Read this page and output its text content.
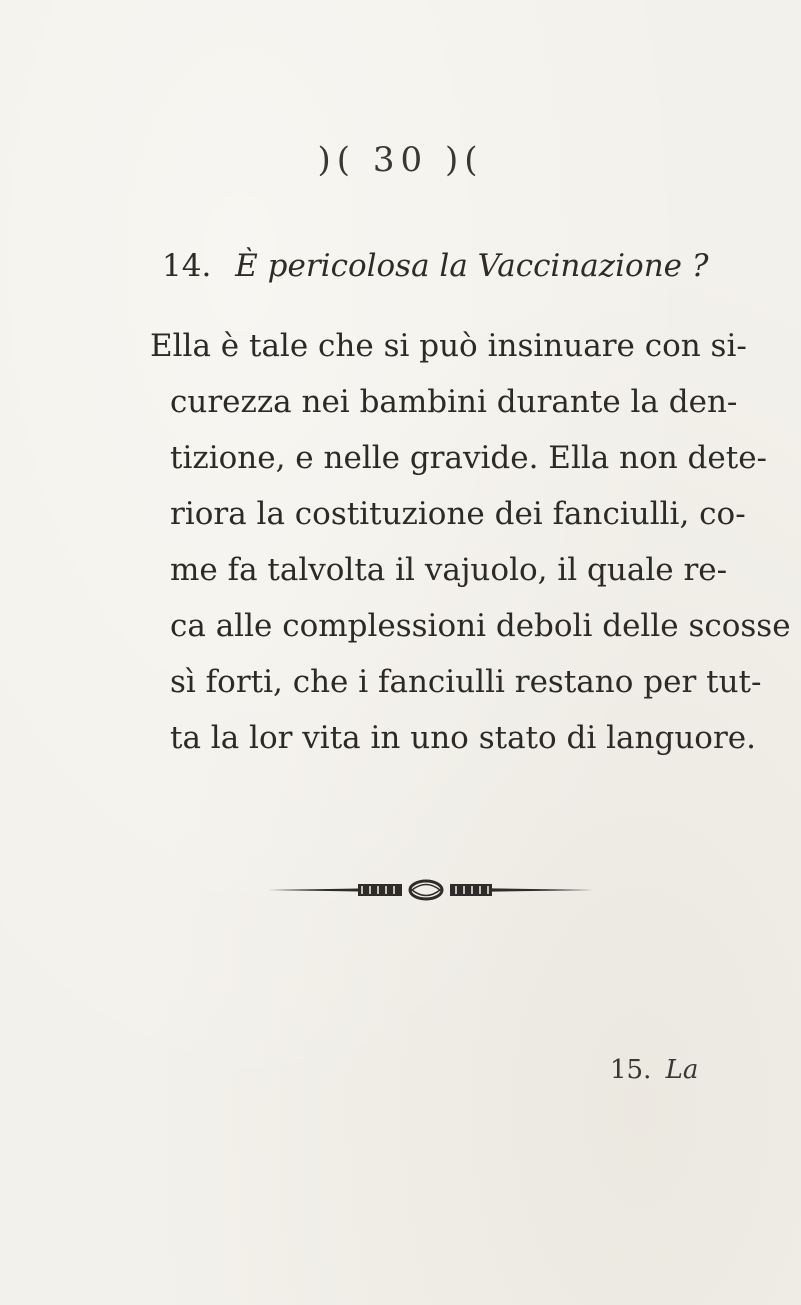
)( 30 )(
14. È pericolosa la Vaccinazione ?
Ella è tale che si può insinuare con si-
curezza nei bambini durante la den-
tizione, e nelle gravide. Ella non dete-
riora la costituzione dei fanciulli, co-
me fa talvolta il vajuolo, il quale re-
ca alle complessioni deboli delle scosse
sì forti, che i fanciulli restano per tut-
ta la lor vita in uno stato di languore.
15. La
